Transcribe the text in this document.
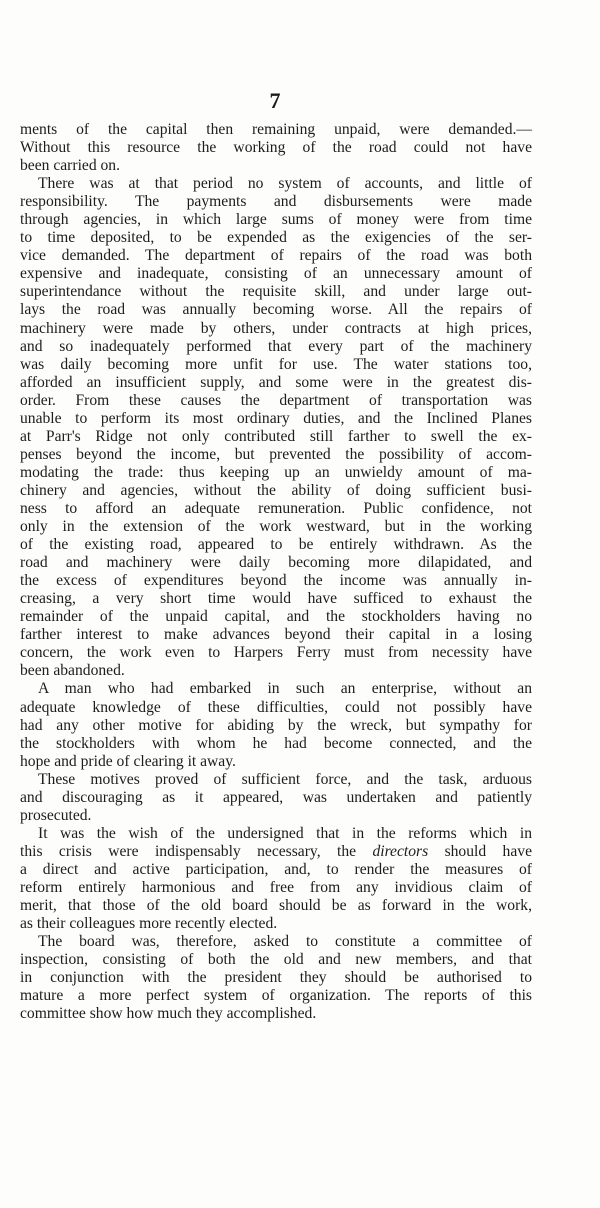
7
ments of the capital then remaining unpaid, were demanded.—
Without this resource the working of the road could not have
been carried on.
There was at that period no system of accounts, and little of
responsibility. The payments and disbursements were made
through agencies, in which large sums of money were from time
to time deposited, to be expended as the exigencies of the ser-
vice demanded. The department of repairs of the road was both
expensive and inadequate, consisting of an unnecessary amount of
superintendance without the requisite skill, and under large out-
lays the road was annually becoming worse. All the repairs of
machinery were made by others, under contracts at high prices,
and so inadequately performed that every part of the machinery
was daily becoming more unfit for use. The water stations too,
afforded an insufficient supply, and some were in the greatest dis-
order. From these causes the department of transportation was
unable to perform its most ordinary duties, and the Inclined Planes
at Parr's Ridge not only contributed still farther to swell the ex-
penses beyond the income, but prevented the possibility of accom-
modating the trade: thus keeping up an unwieldy amount of ma-
chinery and agencies, without the ability of doing sufficient busi-
ness to afford an adequate remuneration. Public confidence, not
only in the extension of the work westward, but in the working
of the existing road, appeared to be entirely withdrawn. As the
road and machinery were daily becoming more dilapidated, and
the excess of expenditures beyond the income was annually in-
creasing, a very short time would have sufficed to exhaust the
remainder of the unpaid capital, and the stockholders having no
farther interest to make advances beyond their capital in a losing
concern, the work even to Harpers Ferry must from necessity have
been abandoned.
A man who had embarked in such an enterprise, without an
adequate knowledge of these difficulties, could not possibly have
had any other motive for abiding by the wreck, but sympathy for
the stockholders with whom he had become connected, and the
hope and pride of clearing it away.
These motives proved of sufficient force, and the task, arduous
and discouraging as it appeared, was undertaken and patiently
prosecuted.
It was the wish of the undersigned that in the reforms which in
this crisis were indispensably necessary, the directors should have
a direct and active participation, and, to render the measures of
reform entirely harmonious and free from any invidious claim of
merit, that those of the old board should be as forward in the work,
as their colleagues more recently elected.
The board was, therefore, asked to constitute a committee of
inspection, consisting of both the old and new members, and that
in conjunction with the president they should be authorised to
mature a more perfect system of organization. The reports of this
committee show how much they accomplished.
